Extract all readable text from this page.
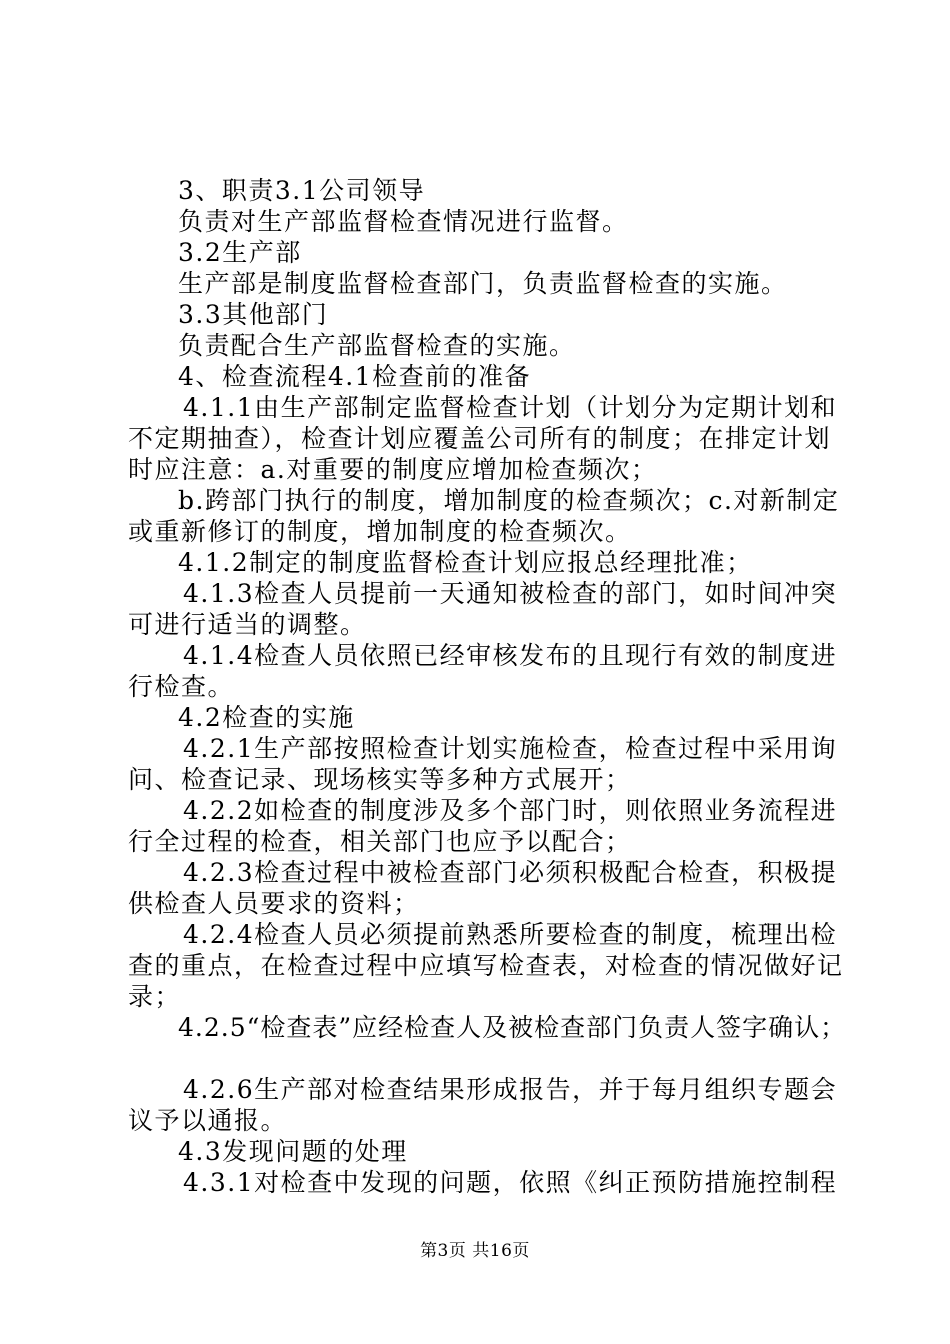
3、职责3.1公司领导
负责对生产部监督检查情况进行监督。
3.2生产部
生产部是制度监督检查部门，负责监督检查的实施。
3.3其他部门
负责配合生产部监督检查的实施。
4、检查流程4.1检查前的准备
4.1.1由生产部制定监督检查计划（计划分为定期计划和
不定期抽查），检查计划应覆盖公司所有的制度；在排定计划
时应注意：a.对重要的制度应增加检查频次；
b.跨部门执行的制度，增加制度的检查频次；c.对新制定
或重新修订的制度，增加制度的检查频次。
4.1.2制定的制度监督检查计划应报总经理批准；
4.1.3检查人员提前一天通知被检查的部门，如时间冲突
可进行适当的调整。
4.1.4检查人员依照已经审核发布的且现行有效的制度进
行检查。
4.2检查的实施
4.2.1生产部按照检查计划实施检查，检查过程中采用询
问、检查记录、现场核实等多种方式展开；
4.2.2如检查的制度涉及多个部门时，则依照业务流程进
行全过程的检查，相关部门也应予以配合；
4.2.3检查过程中被检查部门必须积极配合检查，积极提
供检查人员要求的资料；
4.2.4检查人员必须提前熟悉所要检查的制度，梳理出检
查的重点，在检查过程中应填写检查表，对检查的情况做好记
录；
4.2.5“检查表”应经检查人及被检查部门负责人签字确认；
4.2.6生产部对检查结果形成报告，并于每月组织专题会
议予以通报。
4.3发现问题的处理
4.3.1对检查中发现的问题，依照《纠正预防措施控制程
第3页 共16页
